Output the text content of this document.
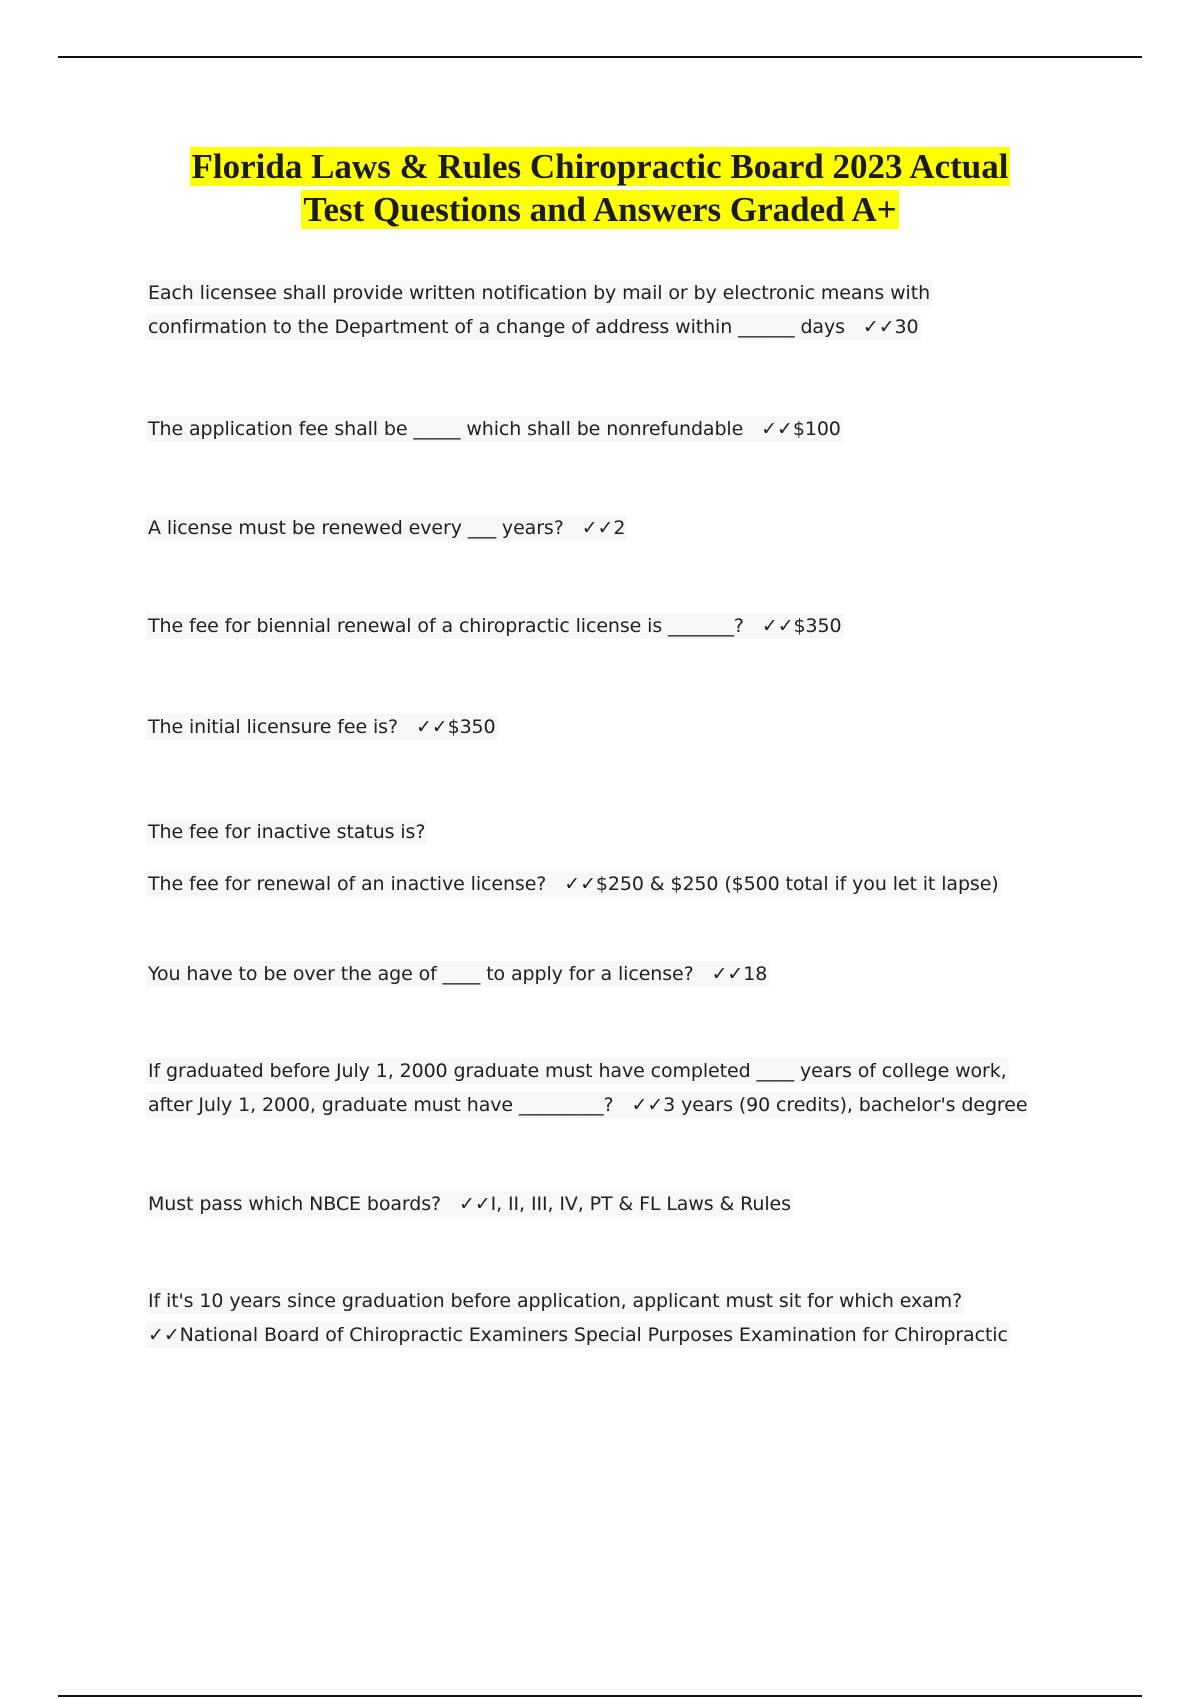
Florida Laws & Rules Chiropractic Board 2023 Actual
Test Questions and Answers Graded A+
Each licensee shall provide written notification by mail or by electronic means with
confirmation to the Department of a change of address within ______ days ✓✓30
The application fee shall be _____ which shall be nonrefundable ✓✓$100
A license must be renewed every ___ years? ✓✓2
The fee for biennial renewal of a chiropractic license is _______? ✓✓$350
The initial licensure fee is? ✓✓$350
The fee for inactive status is?
The fee for renewal of an inactive license? ✓✓$250 & $250 ($500 total if you let it lapse)
You have to be over the age of ____ to apply for a license? ✓✓18
If graduated before July 1, 2000 graduate must have completed ____ years of college work,
after July 1, 2000, graduate must have _________? ✓✓3 years (90 credits), bachelor's degree
Must pass which NBCE boards? ✓✓I, II, III, IV, PT & FL Laws & Rules
If it's 10 years since graduation before application, applicant must sit for which exam?
✓✓National Board of Chiropractic Examiners Special Purposes Examination for Chiropractic
